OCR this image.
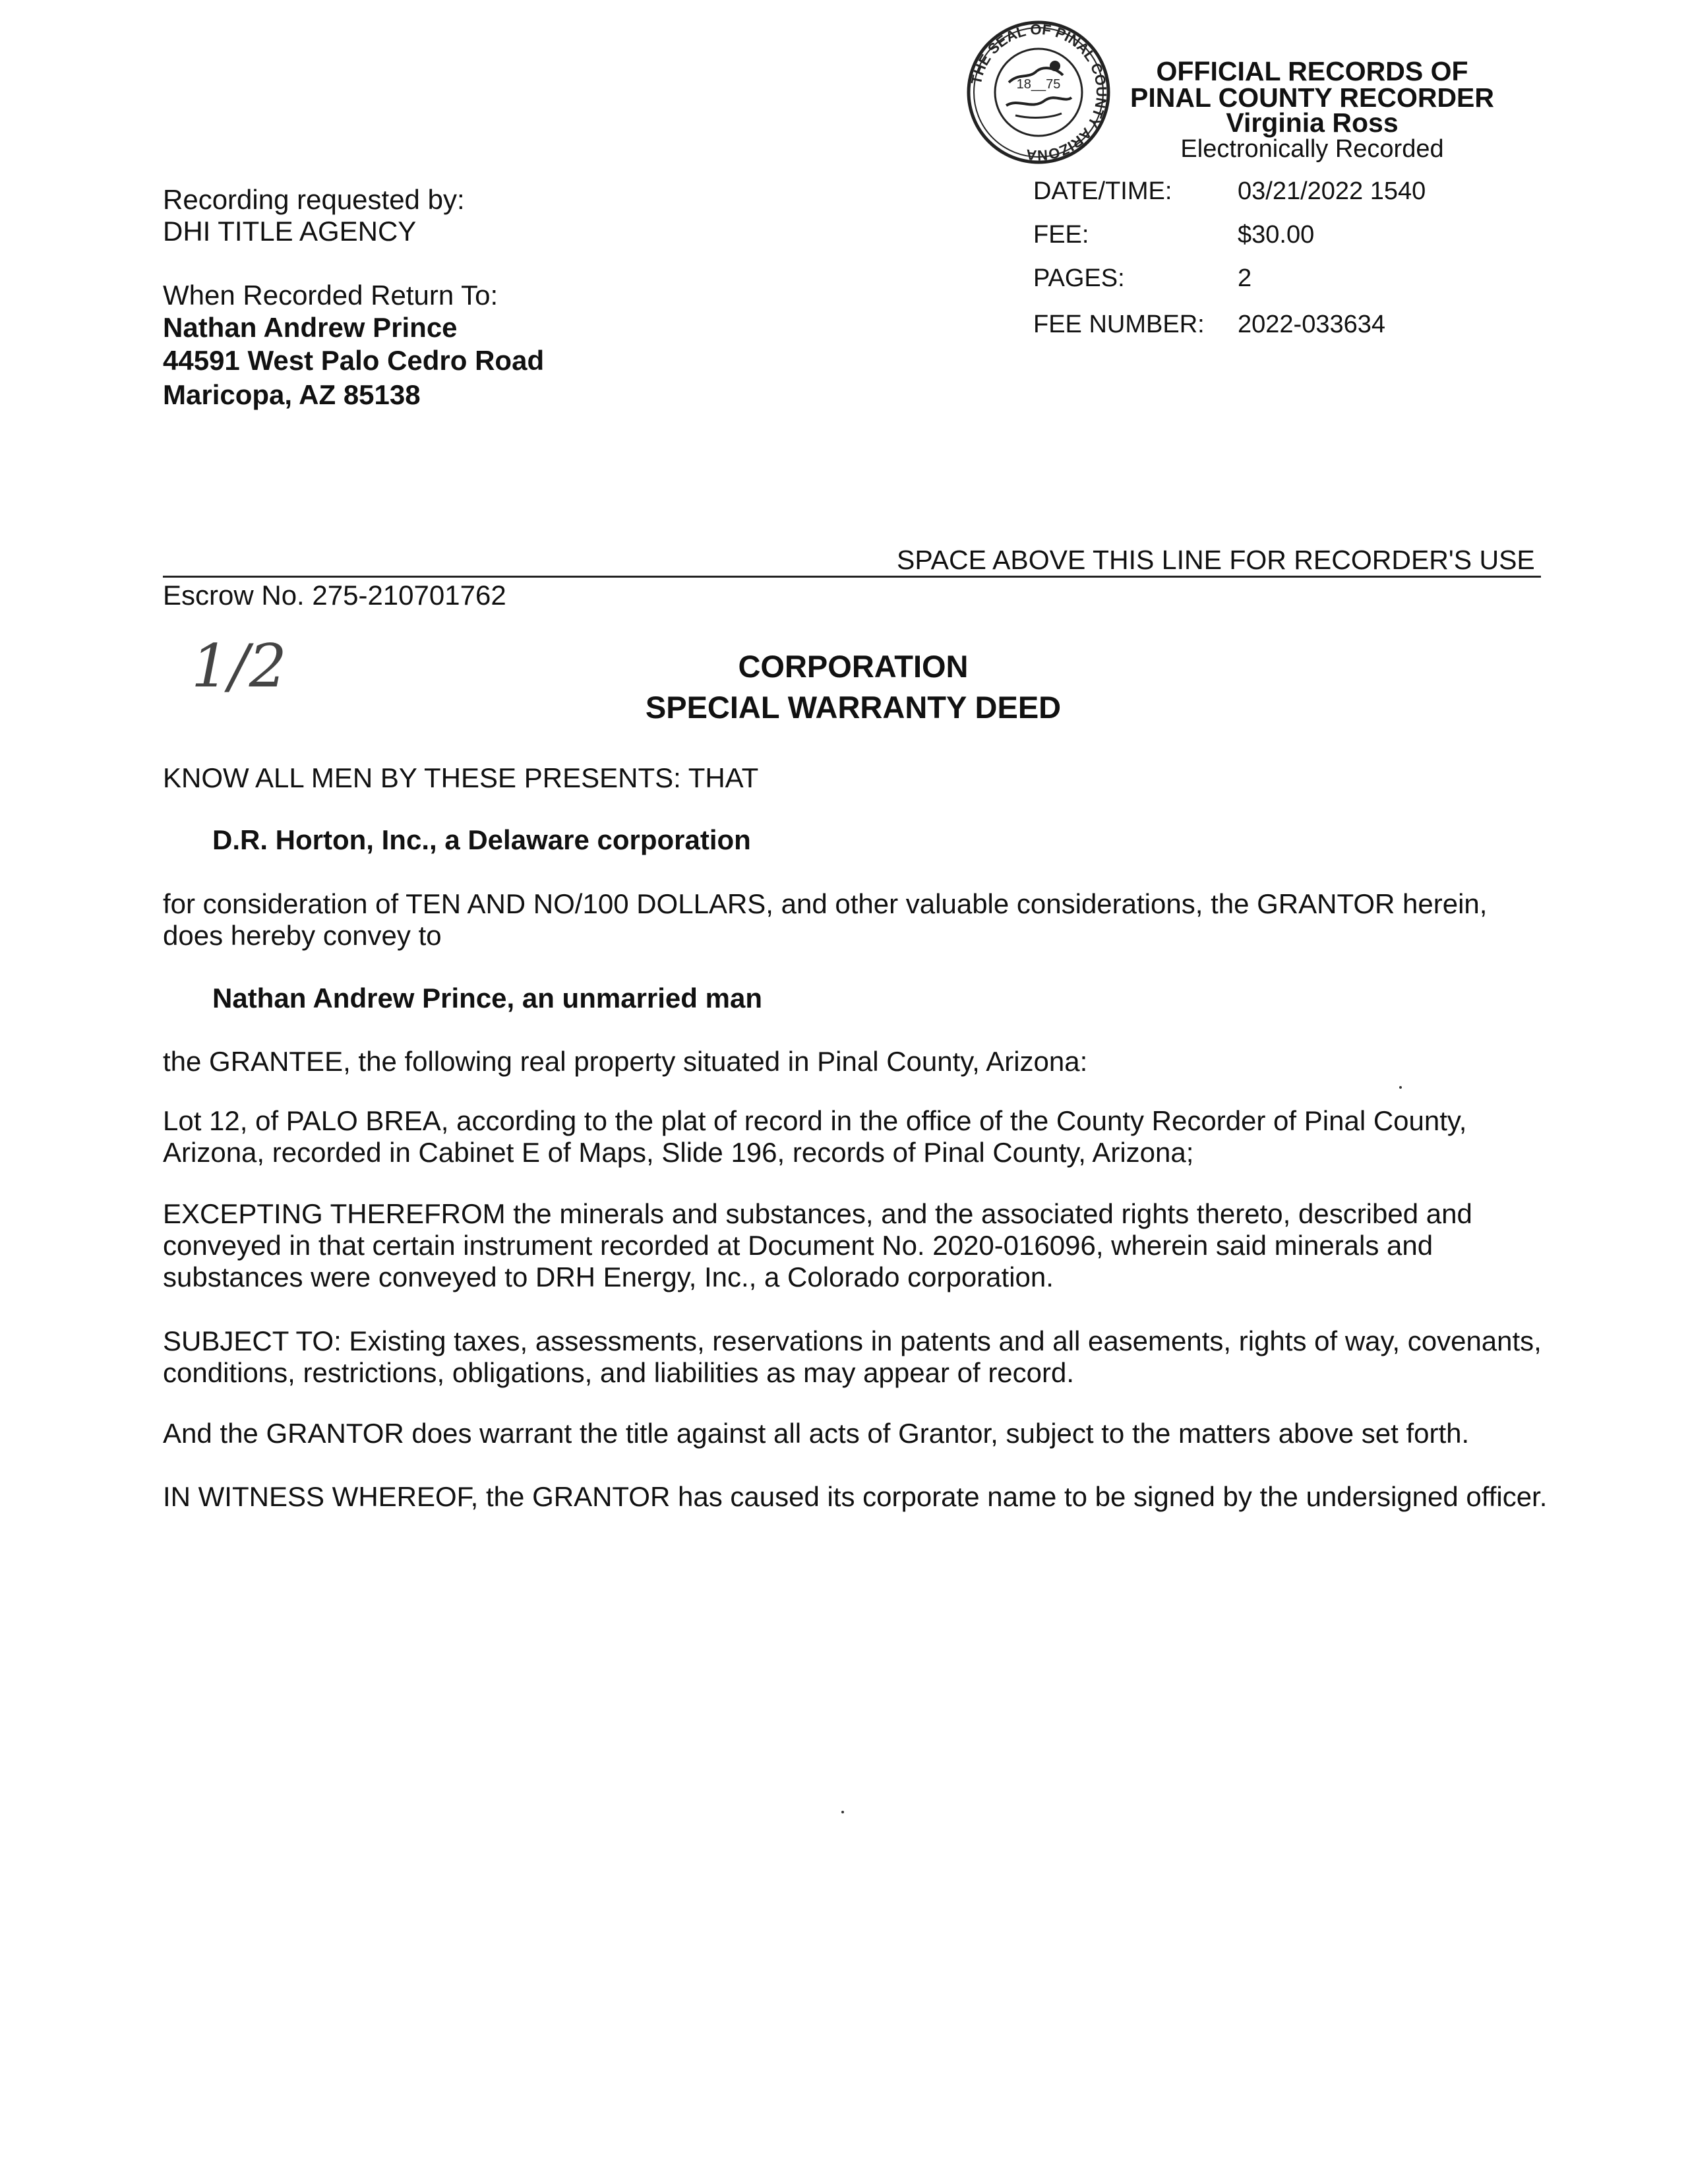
THE SEAL OF PINAL COUNTY ARIZONA
18__75	OFFICIAL RECORDS OF
PINAL COUNTY RECORDER
Virginia Ross
Electronically Recorded
DATE/TIME:	03/21/2022 1540
FEE:	$30.00
PAGES:	2
FEE NUMBER: 2022-033634
Recording requested by:
DHI TITLE AGENCY
When Recorded Return To:
Nathan Andrew Prince
44591 West Palo Cedro Road
Maricopa, AZ 85138
SPACE ABOVE THIS LINE FOR RECORDER'S USE
Escrow No. 275-210701762
1/2	CORPORATION
SPECIAL WARRANTY DEED
KNOW ALL MEN BY THESE PRESENTS: THAT
D.R. Horton, Inc., a Delaware corporation
for consideration of TEN AND NO/100 DOLLARS, and other valuable considerations, the GRANTOR herein, does hereby convey to
Nathan Andrew Prince, an unmarried man
the GRANTEE, the following real property situated in Pinal County, Arizona:
Lot 12, of PALO BREA, according to the plat of record in the office of the County Recorder of Pinal County, Arizona, recorded in Cabinet E of Maps, Slide 196, records of Pinal County, Arizona;
EXCEPTING THEREFROM the minerals and substances, and the associated rights thereto, described and conveyed in that certain instrument recorded at Document No. 2020-016096, wherein said minerals and substances were conveyed to DRH Energy, Inc., a Colorado corporation.
SUBJECT TO: Existing taxes, assessments, reservations in patents and all easements, rights of way, covenants, conditions, restrictions, obligations, and liabilities as may appear of record.
And the GRANTOR does warrant the title against all acts of Grantor, subject to the matters above set forth.
IN WITNESS WHEREOF, the GRANTOR has caused its corporate name to be signed by the undersigned officer.
